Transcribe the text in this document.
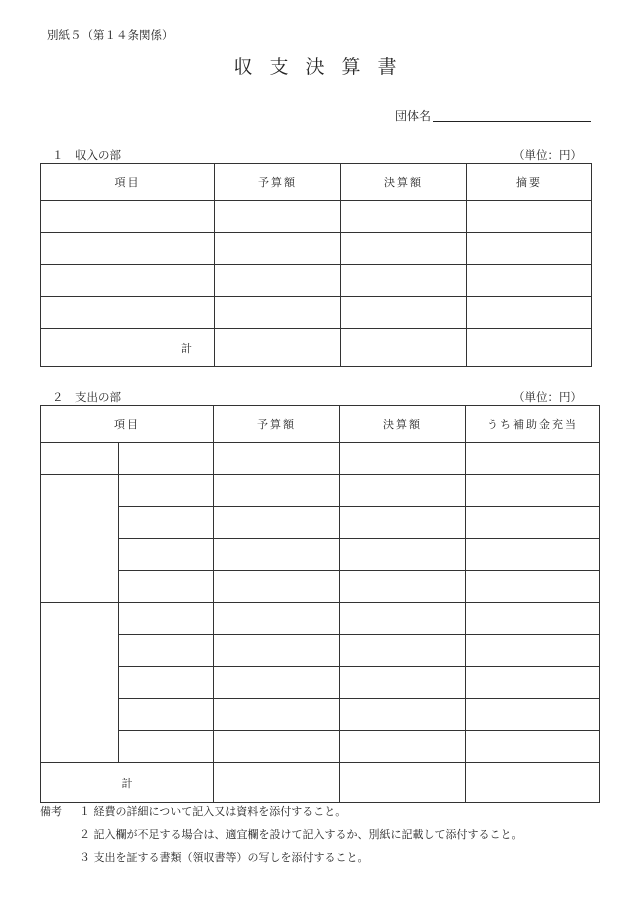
別紙５（第１４条関係）
収支決算書
団体名
１　収入の部	（単位：円）
項目	予算額	決算額	摘要

計			
２　支出の部	（単位：円）
項目		予算額	決算額	うち補助金充当

計				
備考 １ 経費の詳細について記入又は資料を添付すること。
２ 記入欄が不足する場合は、適宜欄を設けて記入するか、別紙に記載して添付すること。
３ 支出を証する書類（領収書等）の写しを添付すること。
